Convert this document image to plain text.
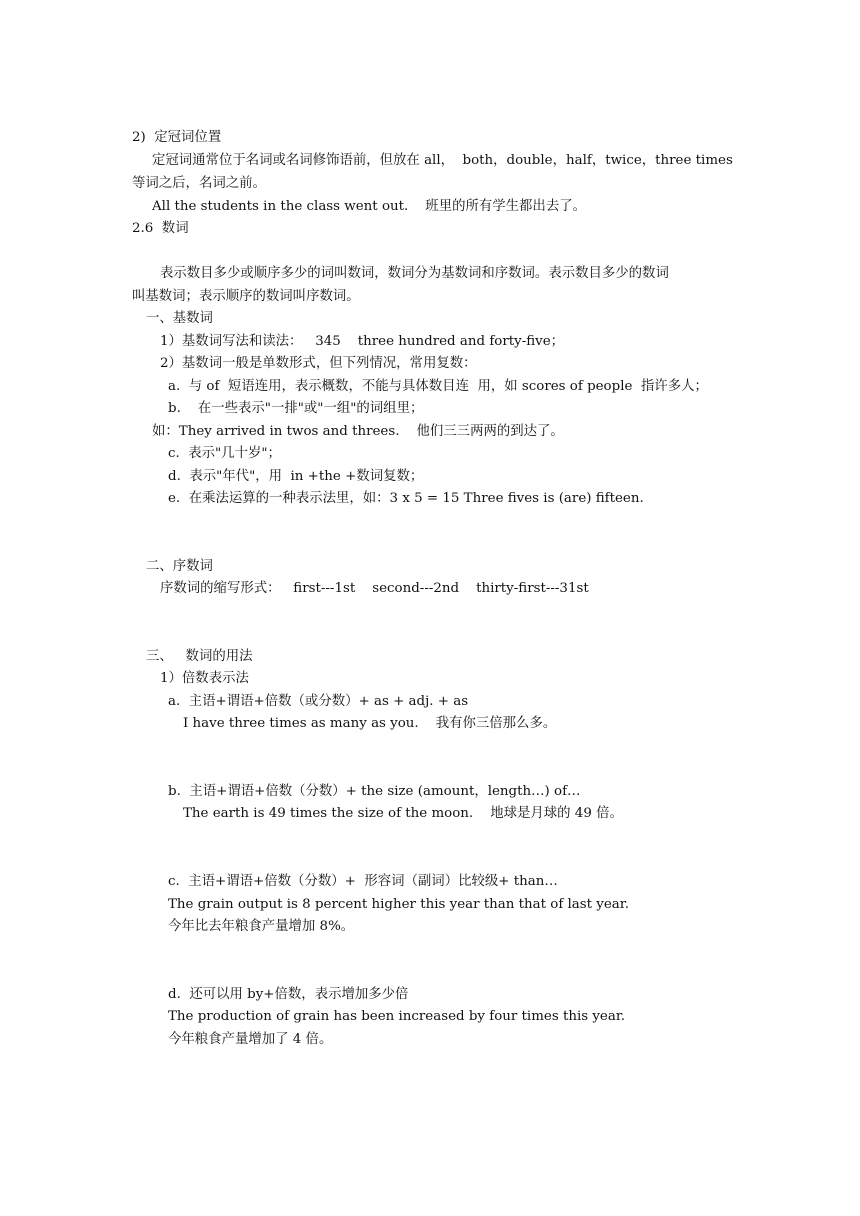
2)  定冠词位置
定冠词通常位于名词或名词修饰语前，但放在 all，  both，double，half，twice，three times
等词之后，名词之前。
All the students in the class went out.    班里的所有学生都出去了。
2.6  数词
表示数目多少或顺序多少的词叫数词，数词分为基数词和序数词。表示数目多少的数词
叫基数词；表示顺序的数词叫序数词。
一、基数词
1）基数词写法和读法：   345    three hundred and forty-five；
2）基数词一般是单数形式，但下列情况，常用复数：
a.  与 of  短语连用，表示概数，不能与具体数目连  用，如 scores of people  指许多人；
b.    在一些表示"一排"或"一组"的词组里；
如：They arrived in twos and threes.    他们三三两两的到达了。
c.  表示"几十岁"；
d.  表示"年代"，用  in +the +数词复数；
e.  在乘法运算的一种表示法里，如：3 x 5 = 15 Three fives is (are) fifteen.
二、序数词
序数词的缩写形式：   first---1st    second---2nd    thirty-first---31st
三、   数词的用法
1）倍数表示法
a.  主语+谓语+倍数（或分数）+ as + adj. + as
I have three times as many as you.    我有你三倍那么多。
b.  主语+谓语+倍数（分数）+ the size (amount，length…) of…
The earth is 49 times the size of the moon.    地球是月球的 49 倍。
c.  主语+谓语+倍数（分数）+  形容词（副词）比较级+ than…
The grain output is 8 percent higher this year than that of last year.
今年比去年粮食产量增加 8%。
d.  还可以用 by+倍数，表示增加多少倍
The production of grain has been increased by four times this year.
今年粮食产量增加了 4 倍。
